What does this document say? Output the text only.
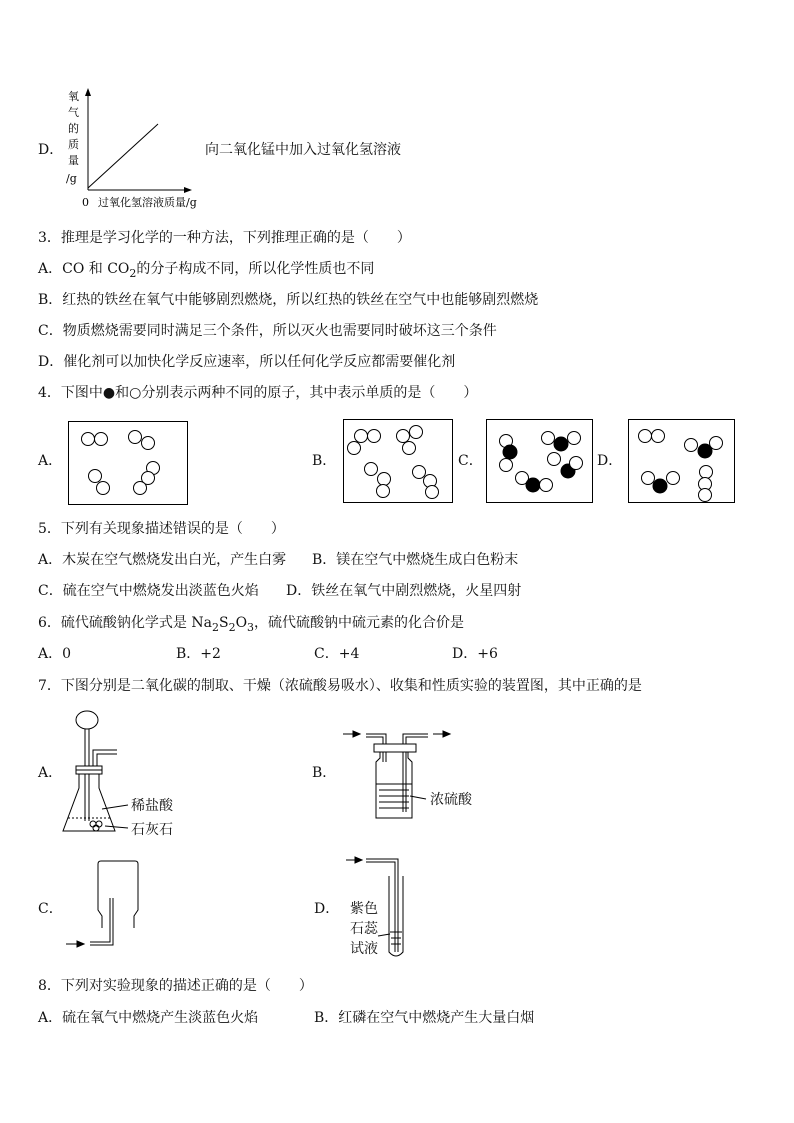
D．
氧
气
的
质
量
/g
0 过氧化氢溶液质量/g
向二氧化锰中加入过氧化氢溶液
3．推理是学习化学的一种方法，下列推理正确的是（　　）
A．CO 和 $CO_2$的分子构成不同，所以化学性质也不同
B．红热的铁丝在氧气中能够剧烈燃烧，所以红热的铁丝在空气中也能够剧烈燃烧
C．物质燃烧需要同时满足三个条件，所以灭火也需要同时破坏这三个条件
D．催化剂可以加快化学反应速率，所以任何化学反应都需要催化剂
4．下图中●和○分别表示两种不同的原子，其中表示单质的是（　　）
A．	B．	C．	D．
5．下列有关现象描述错误的是（　　）
A．木炭在空气燃烧发出白光，产生白雾 B．镁在空气中燃烧生成白色粉末
C．硫在空气中燃烧发出淡蓝色火焰 D．铁丝在氧气中剧烈燃烧，火星四射
6．硫代硫酸钠化学式是 $Na_2S_2O_3$，硫代硫酸钠中硫元素的化合价是
A．0	B．+2	C．+4	D．+6
7．下图分别是二氧化碳的制取、干燥（浓硫酸易吸水）、收集和性质实验的装置图，其中正确的是
A．
稀盐酸
石灰石
B．
浓硫酸
C．	D． 紫色
石蕊
试液
8．下列对实验现象的描述正确的是（　　）
A．硫在氧气中燃烧产生淡蓝色火焰	B．红磷在空气中燃烧产生大量白烟
